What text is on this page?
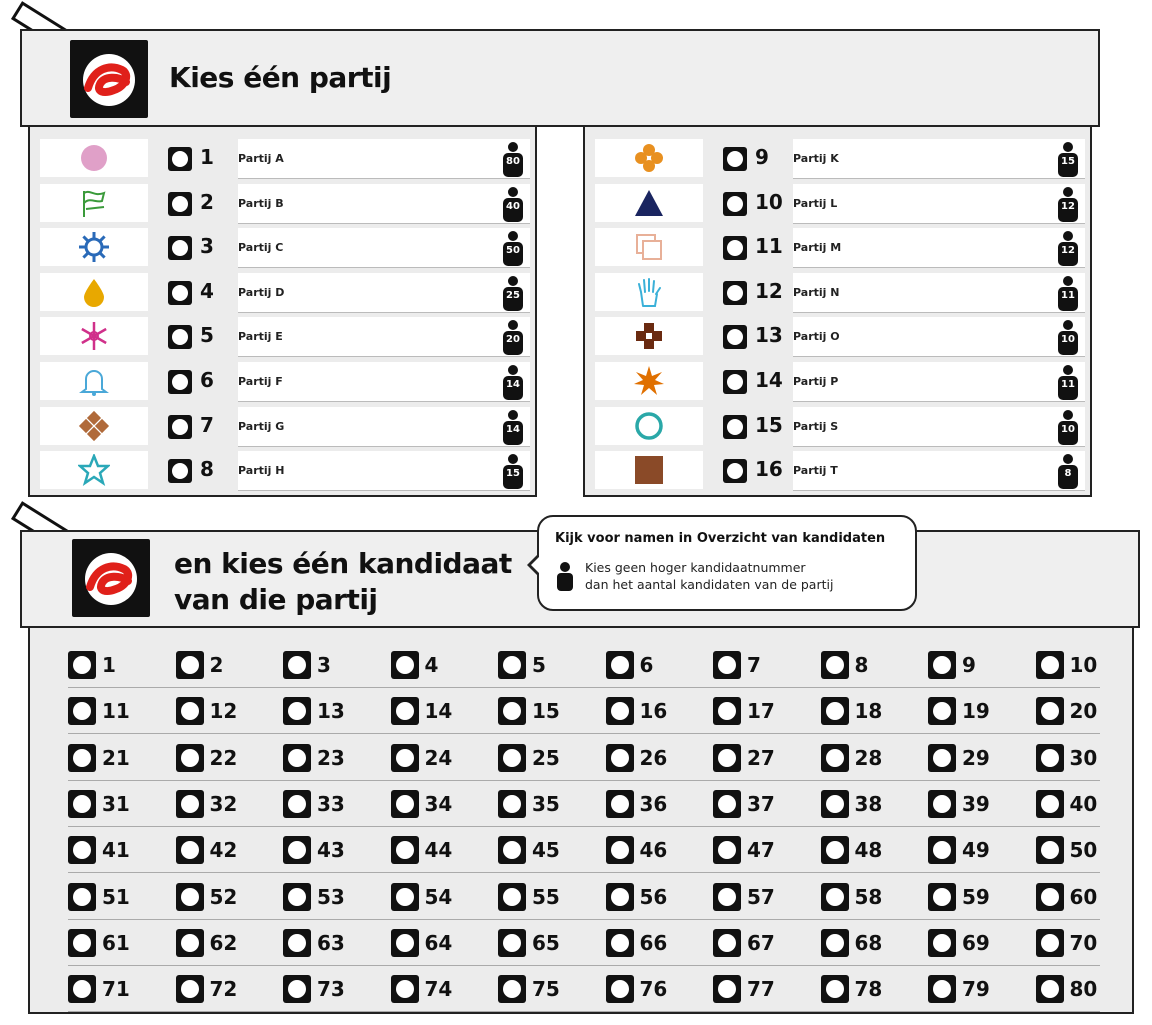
Kies één partij
1 Partij A	80
2 Partij B	40
3 Partij C	50
4 Partij D	25
5 Partij E	20
6 Partij F	14
7 Partij G	14
8 Partij H	15
9 Partij K	15
10 Partij L	12
11 Partij M	12
12 Partij N	11
13 Partij O	10
14 Partij P	11
15 Partij S	10
16 Partij T	8
en kies één kandidaat
van die partij
Kijk voor namen in Overzicht van kandidaten
Kies geen hoger kandidaatnummer
dan het aantal kandidaten van de partij
1	2	3	4	5	6	7	8	9	10
11	12	13	14	15	16	17	18	19	20
21	22	23	24	25	26	27	28	29	30
31	32	33	34	35	36	37	38	39	40
41	42	43	44	45	46	47	48	49	50
51	52	53	54	55	56	57	58	59	60
61	62	63	64	65	66	67	68	69	70
71	72	73	74	75	76	77	78	79	80
